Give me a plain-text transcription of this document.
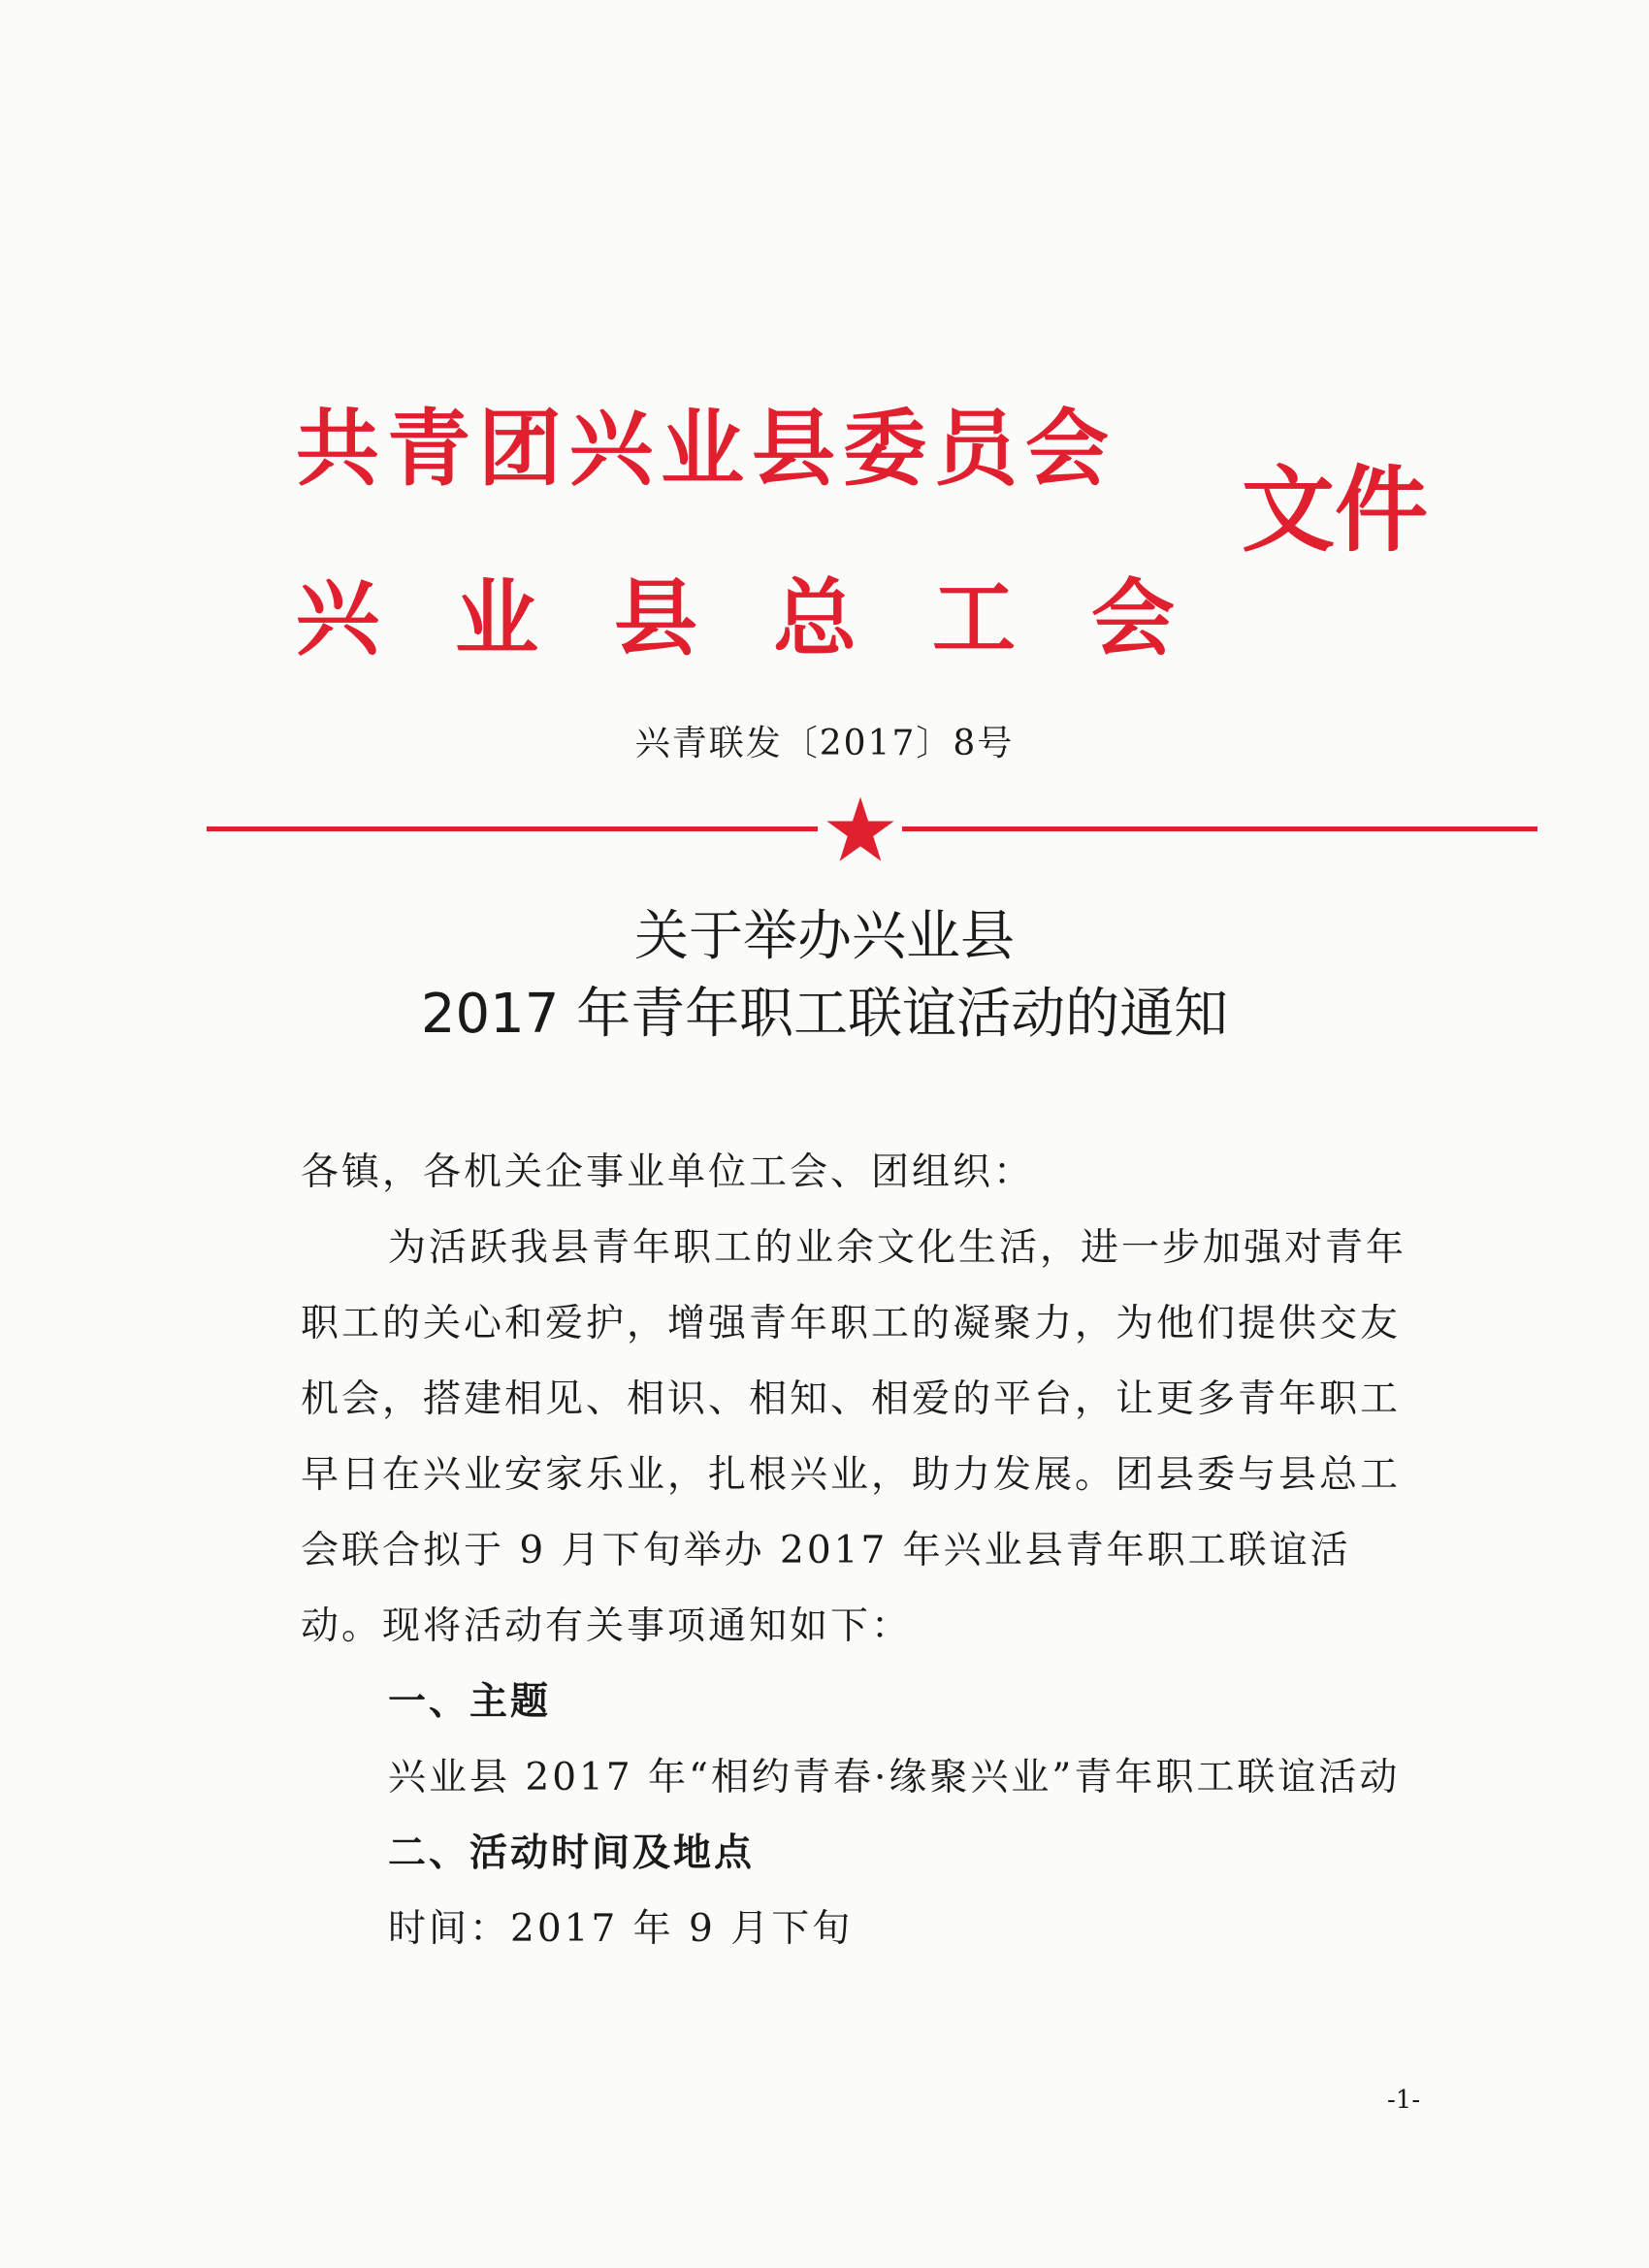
共青团兴业县委员会
兴业县总工会
文件
兴青联发〔2017〕8号
关于举办兴业县
2017 年青年职工联谊活动的通知

各镇，各机关企事业单位工会、团组织：

为活跃我县青年职工的业余文化生活，进一步加强对青年职工的关心和爱护，增强青年职工的凝聚力，为他们提供交友机会，搭建相见、相识、相知、相爱的平台，让更多青年职工早日在兴业安家乐业，扎根兴业，助力发展。团县委与县总工会联合拟于 9 月下旬举办 2017 年兴业县青年职工联谊活动。现将活动有关事项通知如下：

一、主题

兴业县 2017 年“相约青春·缘聚兴业”青年职工联谊活动

二、活动时间及地点

时间：2017 年 9 月下旬

-1-
